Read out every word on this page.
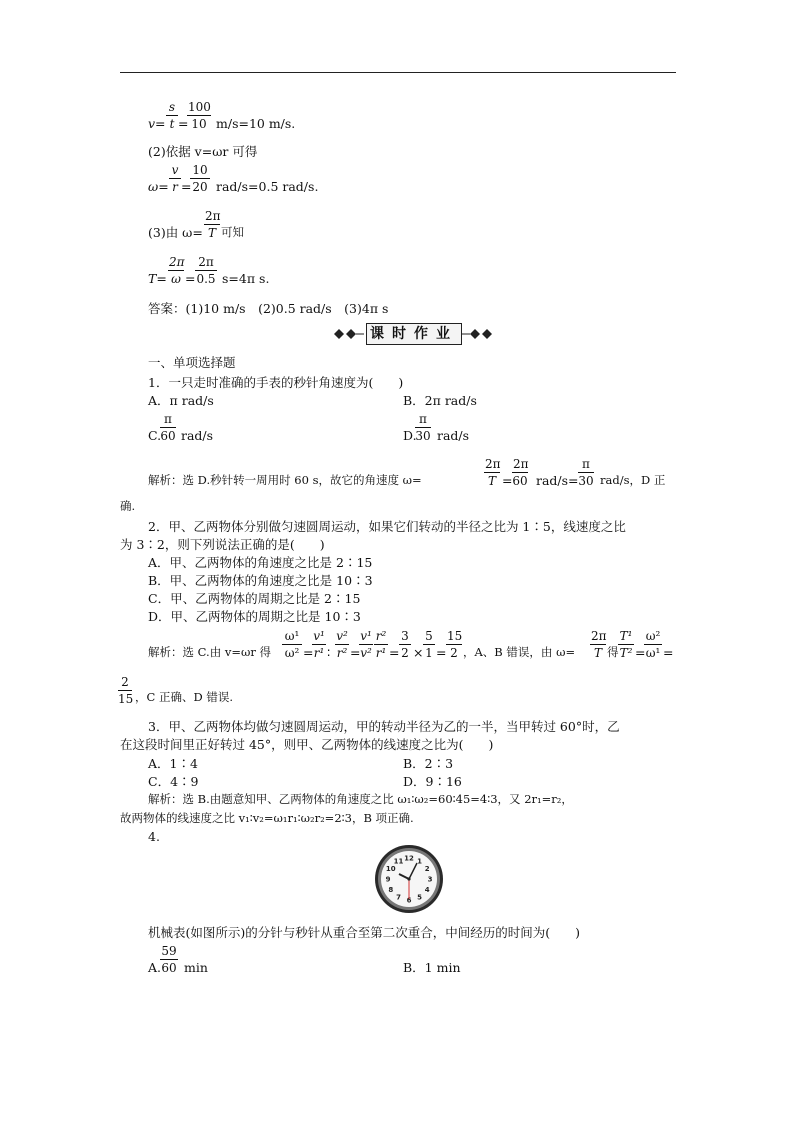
$v= \frac{s}{t}$ =
$\frac{100}{10} m/s=10$ m/s.
(2)依据 v=ωr 可得
$\omega= \frac{v}{r}$ =
$\frac{10}{20} rad/s=0.5$ rad/s.
(3)由 $\omega= \frac{2\pi}{T}$ 可知
$T= \frac{2\pi}{\omega} = \frac{2\pi}{0.5} s=4\pi$ s.
答案：(1)10 m/s　(2)0.5 rad/s　(3)4π s
课时作业
一、单项选择题
1．一只走时准确的手表的秒针角速度为(　　)
A．π rad/s	B．2π rad/s
C.
$\frac{\pi}{60} rad/s$	D.
$\frac{\pi}{30} rad/s$
解析：选 D.秒针转一周用时 60 s，故它的角速度 ω=	$\frac{2\pi}{T} = \frac{2\pi}{60} rad/s= \frac{\pi}{30} rad/s$，D 正
确.
2．甲、乙两物体分别做匀速圆周运动，如果它们转动的半径之比为 1∶5，线速度之比
为 3∶2，则下列说法正确的是(　　)
A．甲、乙两物体的角速度之比是 2∶15
B．甲、乙两物体的角速度之比是 10∶3
C．甲、乙两物体的周期之比是 2∶15
D．甲、乙两物体的周期之比是 10∶3
解析：选 C.由 v=ωr 得 $\frac{\text{ω¹}}{\text{ω²}}$ =
$\frac{\text{v¹}}{\text{r¹}}$ ∶ $\frac{\text{v²}}{\text{r²}}$ =
$\frac{\text{v¹}}{\text{v²}} \frac{\text{r²}}{\text{r¹}} = \frac{3}{2} \times \frac{5}{1} = \frac{15}{2}$ ，A、B 错误，由 $\omega= \frac{2\pi}{T}$ 得 $\frac{\text{T¹}}{\text{T²}}$ =
$\frac{\text{ω²}}{\text{ω¹}}$ =
$\frac{2}{15}$ ，C 正确、D 错误.
3．甲、乙两物体均做匀速圆周运动，甲的转动半径为乙的一半，当甲转过 60°时，乙
在这段时间里正好转过 45°，则甲、乙两物体的线速度之比为(　　)
A．1∶4	B．2∶3
C．4∶9	D．9∶16
解析：选 B.由题意知甲、乙两物体的角速度之比 ω₁∶ω₂=60∶45=4∶3，又 2r₁=r₂，
故两物体的线速度之比 v₁∶v₂=ω₁r₁∶ω₂r₂=2∶3，B 项正确.
4.
12 1
2
3
4
5
6
7
8
9
10
11
机械表(如图所示)的分针与秒针从重合至第二次重合，中间经历的时间为(　　)
A.
$\frac{59}{60}$ min	B．1 min
